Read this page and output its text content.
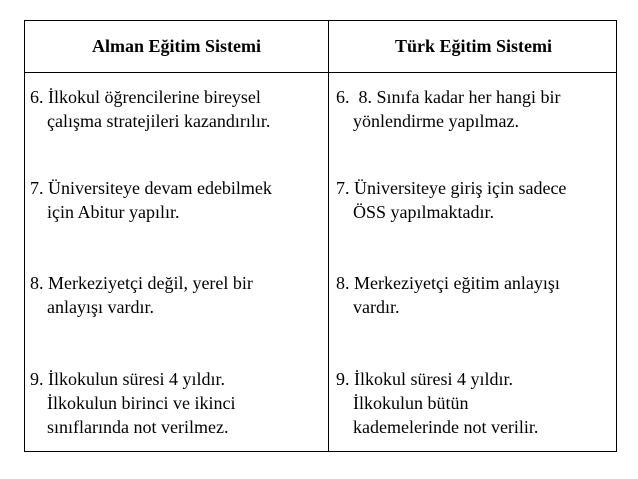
Alman Eğitim Sistemi	Türk Eğitim Sistemi
6. İlkokul öğrencilerine bireysel
çalışma stratejileri kazandırılır.
6.  8. Sınıfa kadar her hangi bir
yönlendirme yapılmaz.
7. Üniversiteye devam edebilmek
için Abitur yapılır.
7. Üniversiteye giriş için sadece
ÖSS yapılmaktadır.
8. Merkeziyetçi değil, yerel bir
anlayışı vardır.
8. Merkeziyetçi eğitim anlayışı
vardır.
9. İlkokulun süresi 4 yıldır.
İlkokulun birinci ve ikinci
sınıflarında not verilmez.
9. İlkokul süresi 4 yıldır.
İlkokulun bütün
kademelerinde not verilir.
